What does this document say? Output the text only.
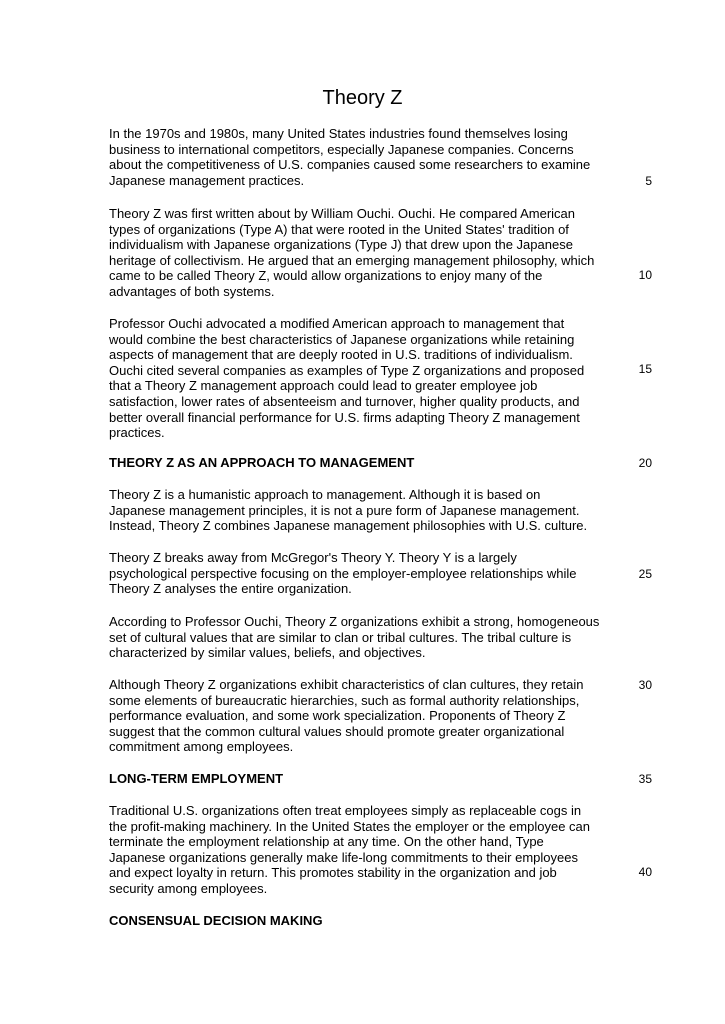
Theory Z
In the 1970s and 1980s, many United States industries found themselves losing
business to international competitors, especially Japanese companies. Concerns
about the competitiveness of U.S. companies caused some researchers to examine
Japanese management practices.
Theory Z was first written about by William Ouchi. Ouchi. He compared American
types of organizations (Type A) that were rooted in the United States' tradition of
individualism with Japanese organizations (Type J) that drew upon the Japanese
heritage of collectivism. He argued that an emerging management philosophy, which
came to be called Theory Z, would allow organizations to enjoy many of the
advantages of both systems.
Professor Ouchi advocated a modified American approach to management that
would combine the best characteristics of Japanese organizations while retaining
aspects of management that are deeply rooted in U.S. traditions of individualism.
Ouchi cited several companies as examples of Type Z organizations and proposed
that a Theory Z management approach could lead to greater employee job
satisfaction, lower rates of absenteeism and turnover, higher quality products, and
better overall financial performance for U.S. firms adapting Theory Z management
practices.
THEORY Z AS AN APPROACH TO MANAGEMENT
Theory Z is a humanistic approach to management. Although it is based on
Japanese management principles, it is not a pure form of Japanese management.
Instead, Theory Z combines Japanese management philosophies with U.S. culture.
Theory Z breaks away from McGregor's Theory Y. Theory Y is a largely
psychological perspective focusing on the employer-employee relationships while
Theory Z analyses the entire organization.
According to Professor Ouchi, Theory Z organizations exhibit a strong, homogeneous
set of cultural values that are similar to clan or tribal cultures. The tribal culture is
characterized by similar values, beliefs, and objectives.
Although Theory Z organizations exhibit characteristics of clan cultures, they retain
some elements of bureaucratic hierarchies, such as formal authority relationships,
performance evaluation, and some work specialization. Proponents of Theory Z
suggest that the common cultural values should promote greater organizational
commitment among employees.
LONG-TERM EMPLOYMENT
Traditional U.S. organizations often treat employees simply as replaceable cogs in
the profit-making machinery. In the United States the employer or the employee can
terminate the employment relationship at any time. On the other hand, Type
Japanese organizations generally make life-long commitments to their employees
and expect loyalty in return. This promotes stability in the organization and job
security among employees.
CONSENSUAL DECISION MAKING
5
10
15
20
25
30
35
40
